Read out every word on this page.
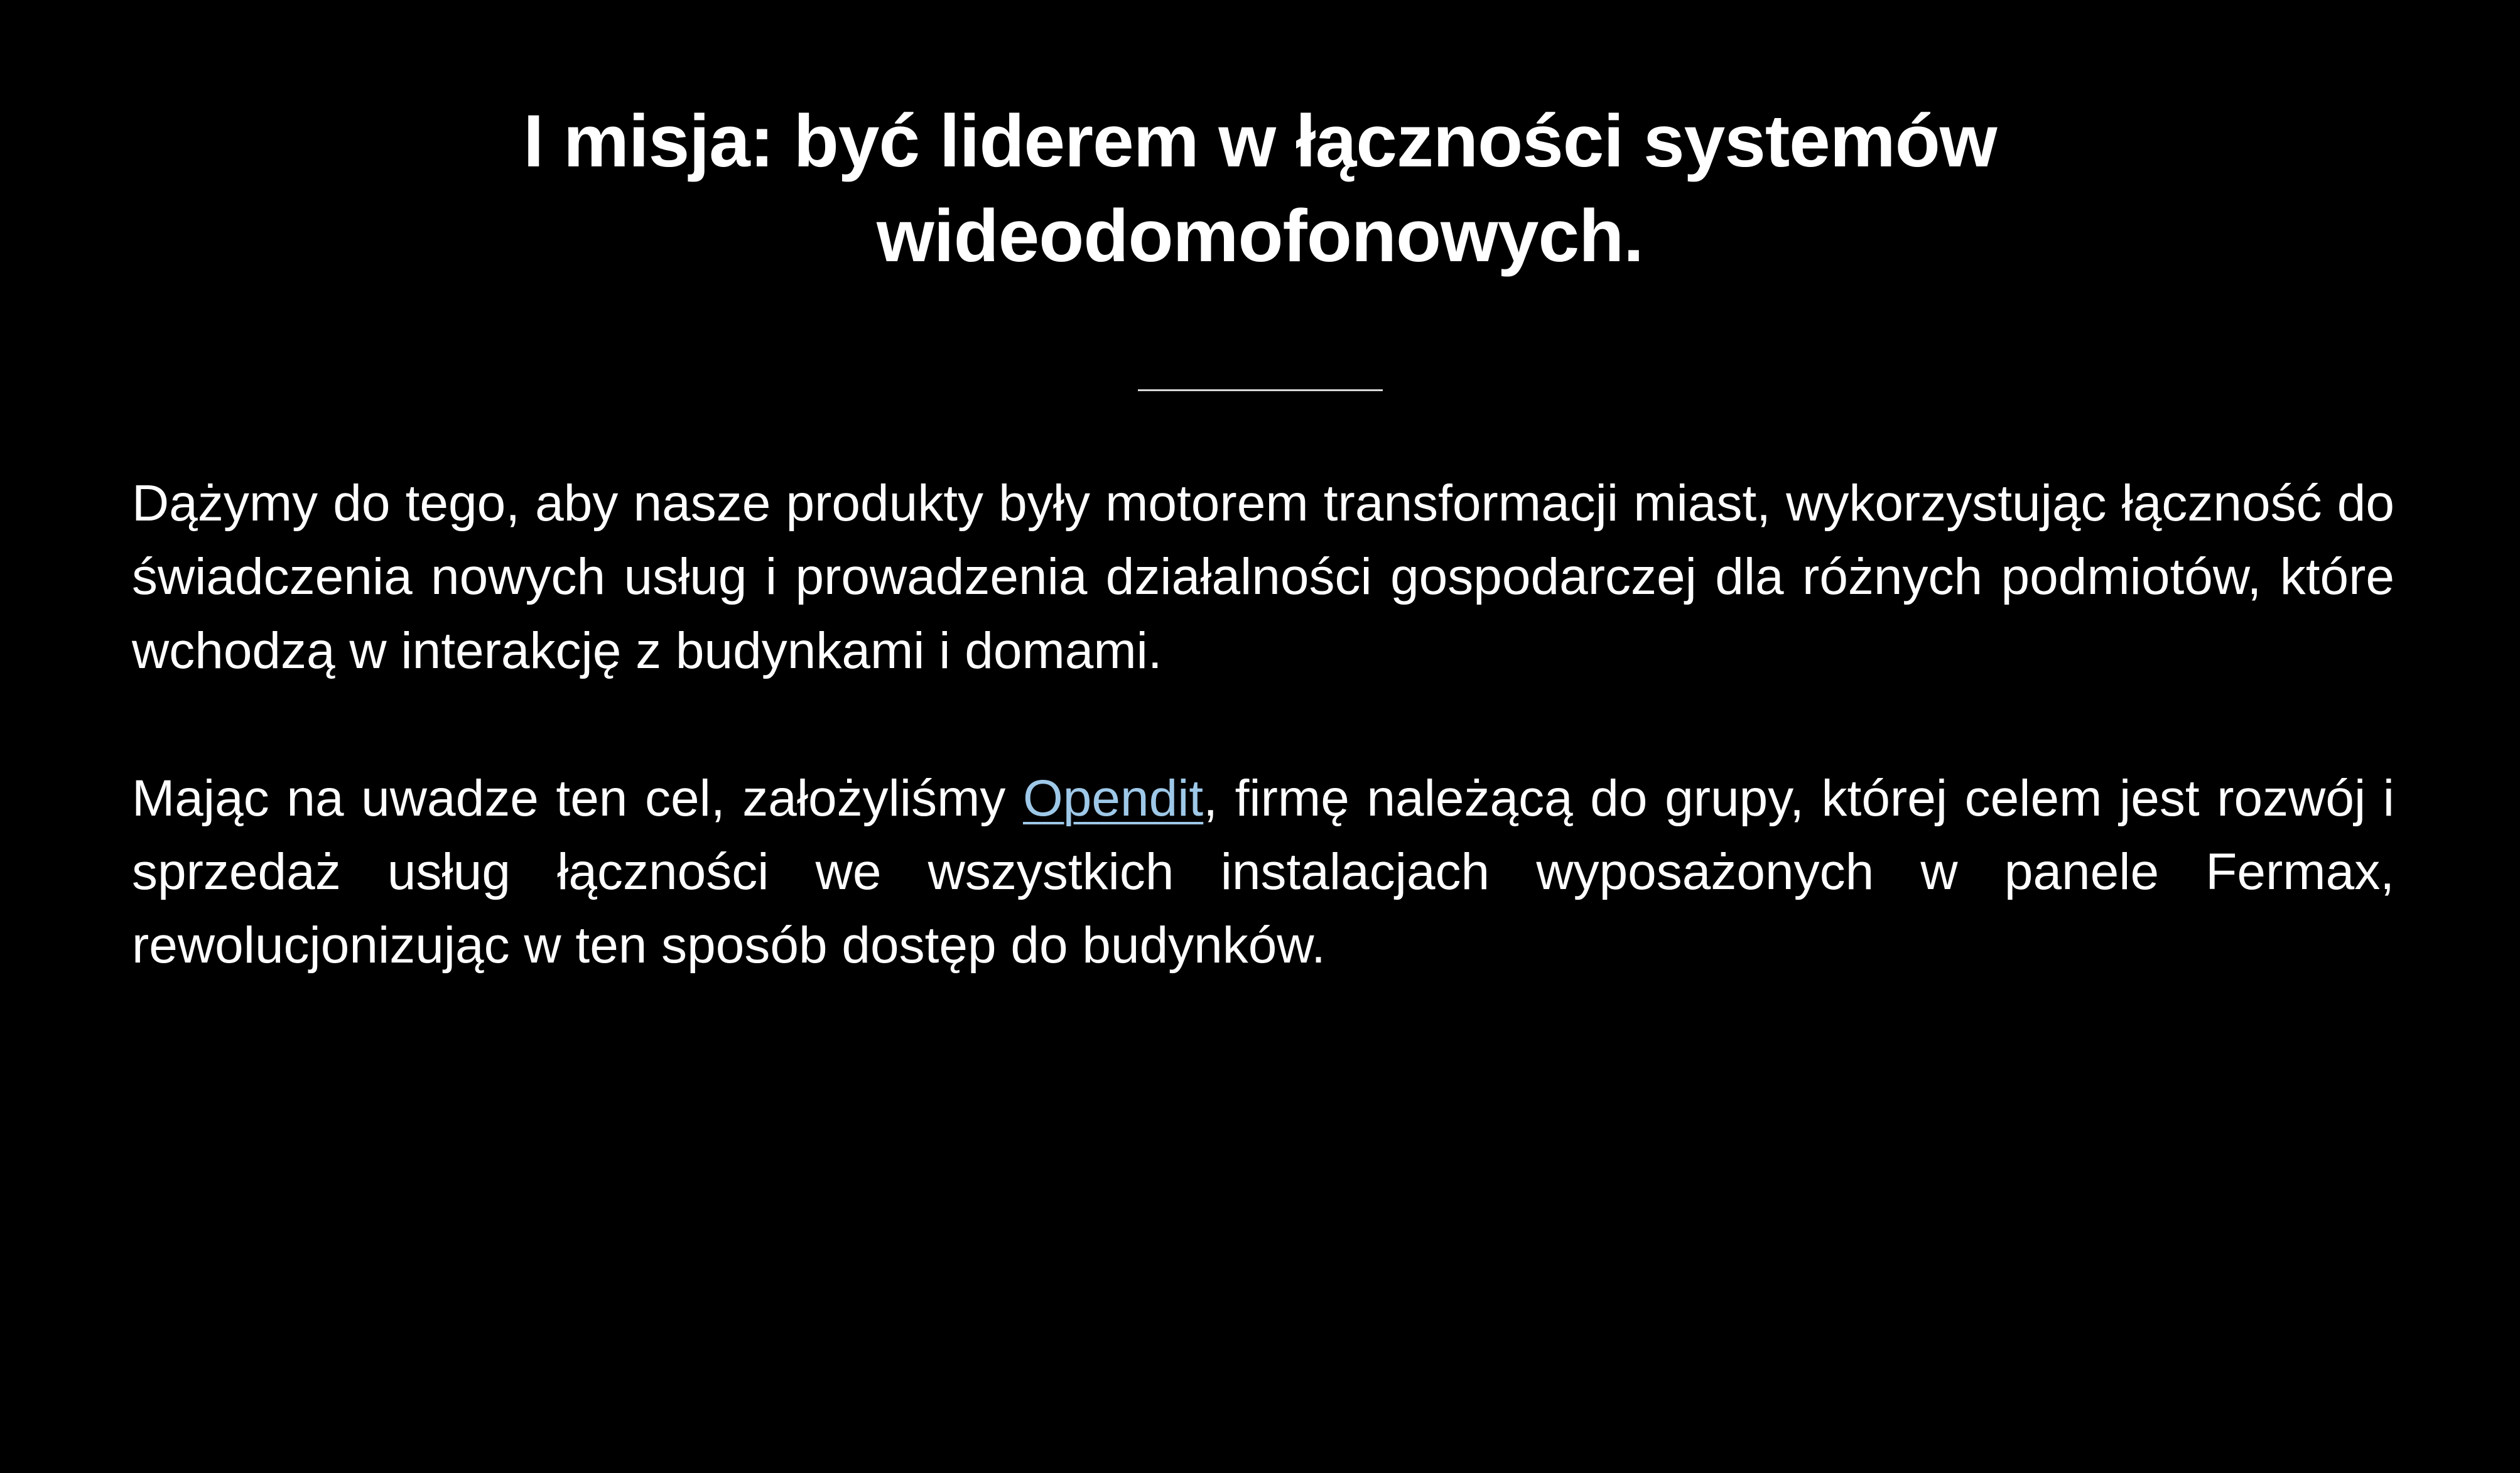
I misja: być liderem w łączności systemów wideodomofonowych.

Dążymy do tego, aby nasze produkty były motorem transformacji miast, wykorzystując łączność do świadczenia nowych usług i prowadzenia działalności gospodarczej dla różnych podmiotów, które wchodzą w interakcję z budynkami i domami.

Mając na uwadze ten cel, założyliśmy Opendit, firmę należącą do grupy, której celem jest rozwój i sprzedaż usług łączności we wszystkich instalacjach wyposażonych w panele Fermax, rewolucjonizując w ten sposób dostęp do budynków.
